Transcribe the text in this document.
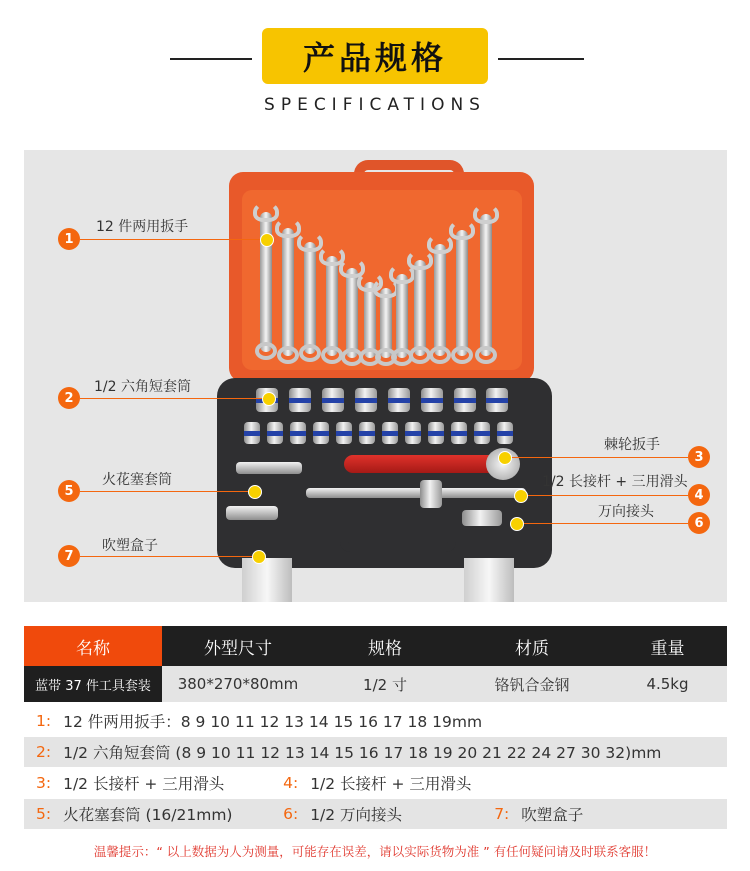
产品规格
SPECIFICATIONS
1
12 件两用扳手
2
1/2 六角短套筒
5
火花塞套筒
7
吹塑盒子
3
棘轮扳手
4
1/2 长接杆 + 三用滑头
6
万向接头
名称	外型尺寸	规格	材质	重量
蓝带 37 件工具套装	380*270*80mm	1/2 寸	铬钒合金钢	4.5kg
1: 12 件两用扳手：8 9 10 11 12 13 14 15 16 17 18 19mm
2: 1/2 六角短套筒 (8 9 10 11 12 13 14 15 16 17 18 19 20 21 22 24 27 30 32)mm
3: 1/2 长接杆 + 三用滑头	4: 1/2 长接杆 + 三用滑头
5: 火花塞套筒 (16/21mm)	6: 1/2 万向接头	7: 吹塑盒子
温馨提示：“ 以上数据为人为测量，可能存在误差，请以实际货物为准 ” 有任何疑问请及时联系客服！
